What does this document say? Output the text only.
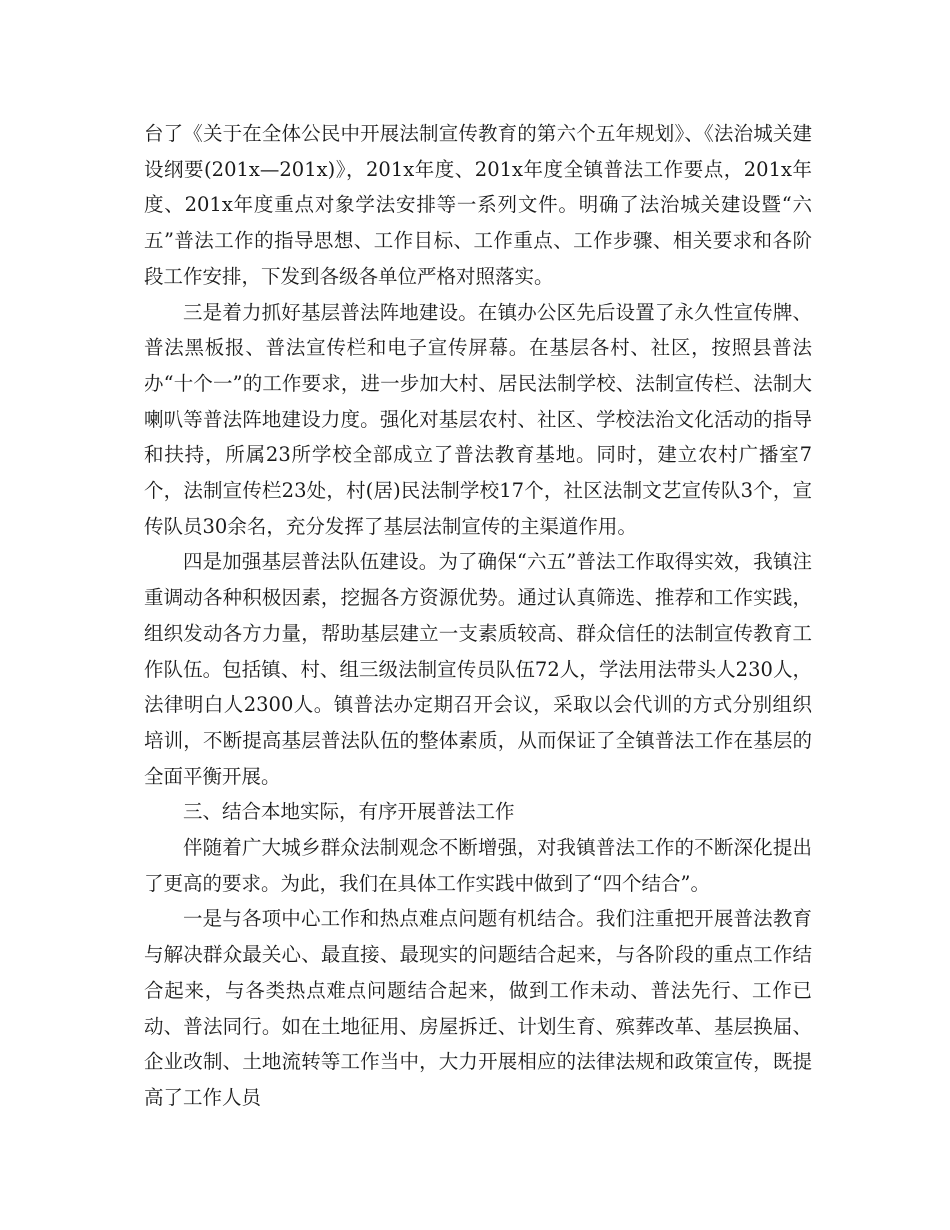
台了《关于在全体公民中开展法制宣传教育的第六个五年规划》、《法治城关建设纲要(201x—201x)》，201x年度、201x年度全镇普法工作要点，201x年度、201x年度重点对象学法安排等一系列文件。明确了法治城关建设暨“六五”普法工作的指导思想、工作目标、工作重点、工作步骤、相关要求和各阶段工作安排，下发到各级各单位严格对照落实。

三是着力抓好基层普法阵地建设。在镇办公区先后设置了永久性宣传牌、普法黑板报、普法宣传栏和电子宣传屏幕。在基层各村、社区，按照县普法办“十个一”的工作要求，进一步加大村、居民法制学校、法制宣传栏、法制大喇叭等普法阵地建设力度。强化对基层农村、社区、学校法治文化活动的指导和扶持，所属23所学校全部成立了普法教育基地。同时，建立农村广播室7个，法制宣传栏23处，村(居)民法制学校17个，社区法制文艺宣传队3个，宣传队员30余名，充分发挥了基层法制宣传的主渠道作用。

四是加强基层普法队伍建设。为了确保“六五”普法工作取得实效，我镇注重调动各种积极因素，挖掘各方资源优势。通过认真筛选、推荐和工作实践，组织发动各方力量，帮助基层建立一支素质较高、群众信任的法制宣传教育工作队伍。包括镇、村、组三级法制宣传员队伍72人，学法用法带头人230人，法律明白人2300人。镇普法办定期召开会议，采取以会代训的方式分别组织培训，不断提高基层普法队伍的整体素质，从而保证了全镇普法工作在基层的全面平衡开展。

三、结合本地实际，有序开展普法工作

伴随着广大城乡群众法制观念不断增强，对我镇普法工作的不断深化提出了更高的要求。为此，我们在具体工作实践中做到了“四个结合”。

一是与各项中心工作和热点难点问题有机结合。我们注重把开展普法教育与解决群众最关心、最直接、最现实的问题结合起来，与各阶段的重点工作结合起来，与各类热点难点问题结合起来，做到工作未动、普法先行、工作已动、普法同行。如在土地征用、房屋拆迁、计划生育、殡葬改革、基层换届、企业改制、土地流转等工作当中，大力开展相应的法律法规和政策宣传，既提高了工作人员
